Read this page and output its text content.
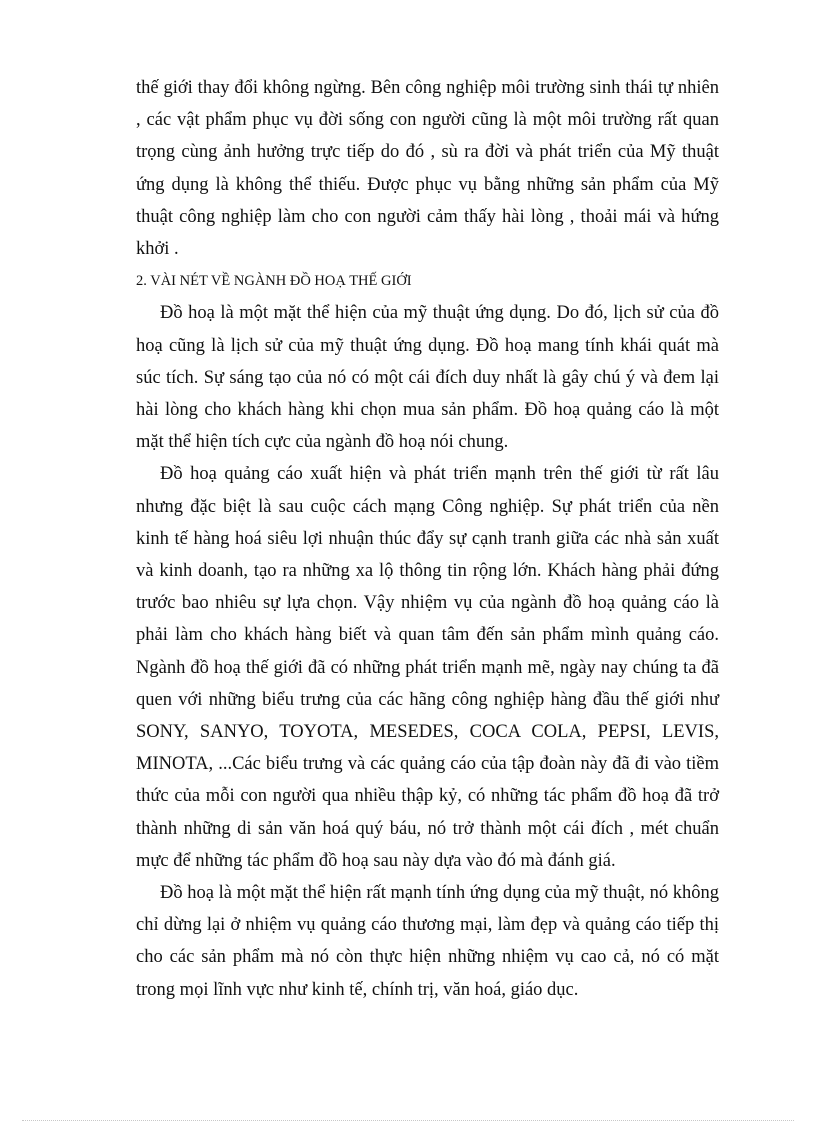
thế giới thay đổi không ngừng. Bên công nghiệp môi trường sinh thái tự nhiên , các vật phẩm phục vụ đời sống con người cũng là một môi trường rất quan trọng cùng ảnh hưởng trực tiếp do đó , sù ra đời và phát triển của Mỹ thuật ứng dụng là không thể thiếu. Được phục vụ bằng những sản phẩm của Mỹ thuật công nghiệp làm cho con người cảm thấy hài lòng , thoải mái và hứng khởi .

2. VÀI NÉT VỀ NGÀNH ĐỒ HOẠ THẾ GIỚI

Đồ hoạ là một mặt thể hiện của mỹ thuật ứng dụng. Do đó, lịch sử của đồ hoạ cũng là lịch sử của mỹ thuật ứng dụng. Đồ hoạ mang tính khái quát mà súc tích. Sự sáng tạo của nó có một cái đích duy nhất là gây chú ý và đem lại hài lòng cho khách hàng khi chọn mua sản phẩm. Đồ hoạ quảng cáo là một mặt thể hiện tích cực của ngành đồ hoạ nói chung.

Đồ hoạ quảng cáo xuất hiện và phát triển mạnh trên thế giới từ rất lâu nhưng đặc biệt là sau cuộc cách mạng Công nghiệp. Sự phát triển của nền kinh tế hàng hoá siêu lợi nhuận thúc đẩy sự cạnh tranh giữa các nhà sản xuất và kinh doanh, tạo ra những xa lộ thông tin rộng lớn. Khách hàng phải đứng trước bao nhiêu sự lựa chọn. Vậy nhiệm vụ của ngành đồ hoạ quảng cáo là phải làm cho khách hàng biết và quan tâm đến sản phẩm mình quảng cáo. Ngành đồ hoạ thế giới đã có những phát triển mạnh mẽ, ngày nay chúng ta đã quen với những biểu trưng của các hãng công nghiệp hàng đầu thế giới như SONY, SANYO, TOYOTA, MESEDES, COCA COLA, PEPSI, LEVIS, MINOTA, ...Các biểu trưng và các quảng cáo của tập đoàn này đã đi vào tiềm thức của mỗi con người qua nhiều thập kỷ, có những tác phẩm đồ hoạ đã trở thành những di sản văn hoá quý báu, nó trở thành một cái đích , mét chuẩn mực để những tác phẩm đồ hoạ sau này dựa vào đó mà đánh giá.

Đồ hoạ là một mặt thể hiện rất mạnh tính ứng dụng của mỹ thuật, nó không chỉ dừng lại ở nhiệm vụ quảng cáo thương mại, làm đẹp và quảng cáo tiếp thị cho các sản phẩm mà nó còn thực hiện những nhiệm vụ cao cả, nó có mặt trong mọi lĩnh vực như kinh tế, chính trị, văn hoá, giáo dục.
